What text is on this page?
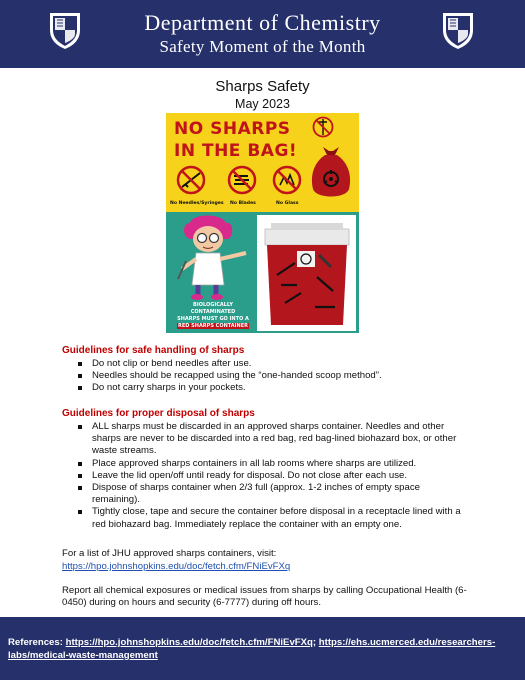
Department of Chemistry
Safety Moment of the Month
Sharps Safety
May 2023
NO SHARPS
IN THE BAG!
No Needles/Syringes No Blades	No Glass
BIOLOGICALLY CONTAMINATED
SHARPS MUST GO INTO A
RED SHARPS CONTAINER
Guidelines for safe handling of sharps
Do not clip or bend needles after use.
Needles should be recapped using the “one-handed scoop method”.
Do not carry sharps in your pockets.
Guidelines for proper disposal of sharps
ALL sharps must be discarded in an approved sharps container. Needles and other sharps are never to be discarded into a red bag, red bag-lined biohazard box, or other waste streams.
Place approved sharps containers in all lab rooms where sharps are utilized.
Leave the lid open/off until ready for disposal. Do not close after each use.
Dispose of sharps container when 2/3 full (approx. 1-2 inches of empty space remaining).
Tightly close, tape and secure the container before disposal in a receptacle lined with a red biohazard bag. Immediately replace the container with an empty one.
For a list of JHU approved sharps containers, visit:
https://hpo.johnshopkins.edu/doc/fetch.cfm/FNiEvFXq
Report all chemical exposures or medical issues from sharps by calling Occupational Health (6-0450) during on hours and security (6-7777) during off hours.
References: https://hpo.johnshopkins.edu/doc/fetch.cfm/FNiEvFXq; https://ehs.ucmerced.edu/researchers-labs/medical-waste-management
